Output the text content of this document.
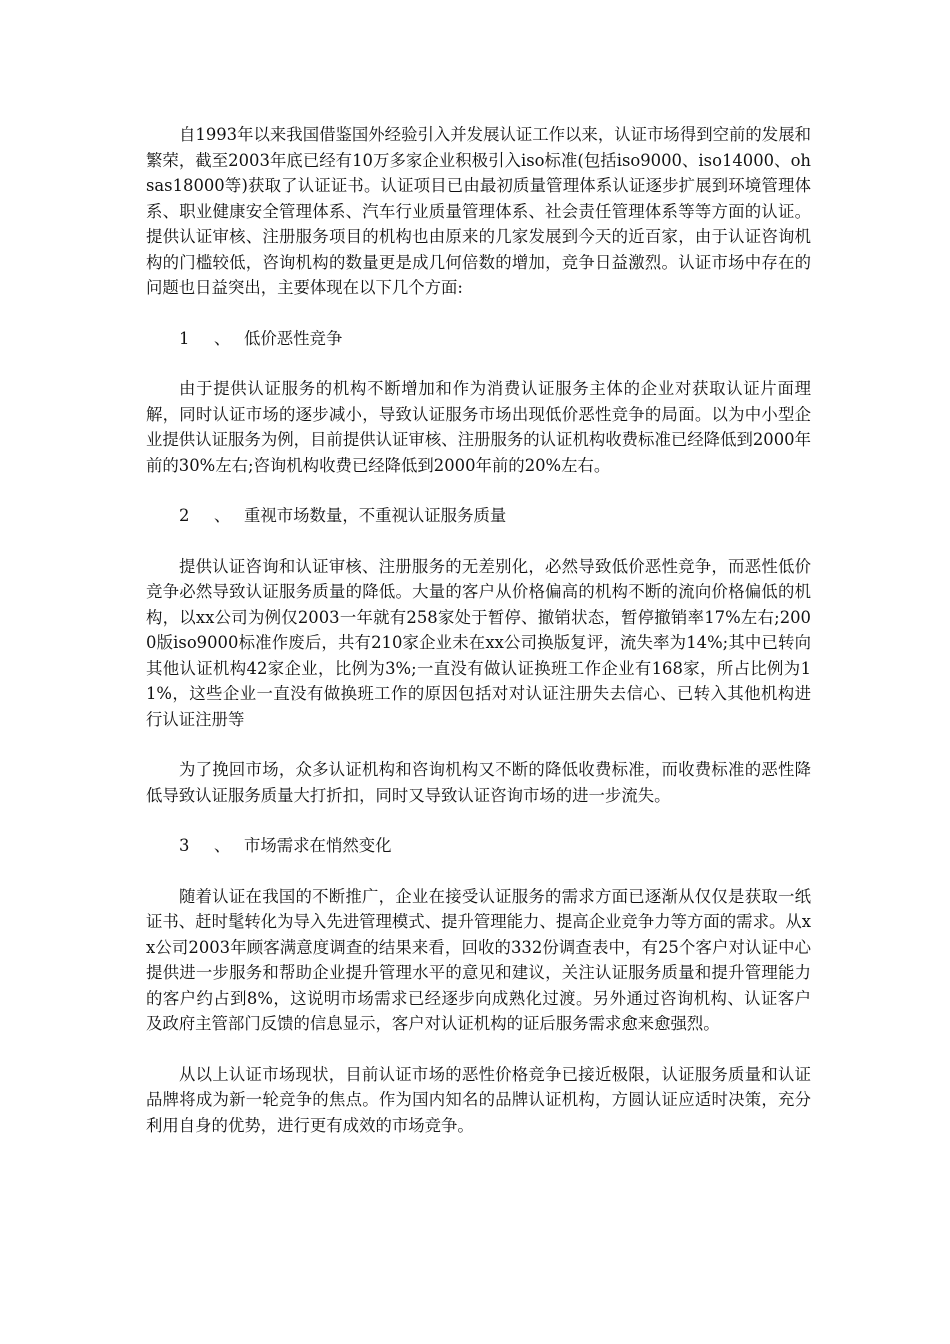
自1993年以来我国借鉴国外经验引入并发展认证工作以来，认证市场得到空前的发展和繁荣，截至2003年底已经有10万多家企业积极引入iso标准(包括iso9000、iso14000、ohsas18000等)获取了认证证书。认证项目已由最初质量管理体系认证逐步扩展到环境管理体系、职业健康安全管理体系、汽车行业质量管理体系、社会责任管理体系等等方面的认证。提供认证审核、注册服务项目的机构也由原来的几家发展到今天的近百家，由于认证咨询机构的门槛较低，咨询机构的数量更是成几何倍数的增加，竞争日益激烈。认证市场中存在的问题也日益突出，主要体现在以下几个方面:

1 、 低价恶性竞争

由于提供认证服务的机构不断增加和作为消费认证服务主体的企业对获取认证片面理解，同时认证市场的逐步减小，导致认证服务市场出现低价恶性竞争的局面。以为中小型企业提供认证服务为例，目前提供认证审核、注册服务的认证机构收费标准已经降低到2000年前的30%左右;咨询机构收费已经降低到2000年前的20%左右。

2 、 重视市场数量，不重视认证服务质量

提供认证咨询和认证审核、注册服务的无差别化，必然导致低价恶性竞争，而恶性低价竞争必然导致认证服务质量的降低。大量的客户从价格偏高的机构不断的流向价格偏低的机构，以xx公司为例仅2003一年就有258家处于暂停、撤销状态，暂停撤销率17%左右;2000版iso9000标准作废后，共有210家企业未在xx公司换版复评，流失率为14%;其中已转向其他认证机构42家企业，比例为3%;一直没有做认证换班工作企业有168家，所占比例为11%，这些企业一直没有做换班工作的原因包括对对认证注册失去信心、已转入其他机构进行认证注册等

为了挽回市场，众多认证机构和咨询机构又不断的降低收费标准，而收费标准的恶性降低导致认证服务质量大打折扣，同时又导致认证咨询市场的进一步流失。

3 、 市场需求在悄然变化

随着认证在我国的不断推广，企业在接受认证服务的需求方面已逐渐从仅仅是获取一纸证书、赶时髦转化为导入先进管理模式、提升管理能力、提高企业竞争力等方面的需求。从xx公司2003年顾客满意度调查的结果来看，回收的332份调查表中，有25个客户对认证中心提供进一步服务和帮助企业提升管理水平的意见和建议，关注认证服务质量和提升管理能力的客户约占到8%，这说明市场需求已经逐步向成熟化过渡。另外通过咨询机构、认证客户及政府主管部门反馈的信息显示，客户对认证机构的证后服务需求愈来愈强烈。

从以上认证市场现状，目前认证市场的恶性价格竞争已接近极限，认证服务质量和认证品牌将成为新一轮竞争的焦点。作为国内知名的品牌认证机构，方圆认证应适时决策，充分利用自身的优势，进行更有成效的市场竞争。
